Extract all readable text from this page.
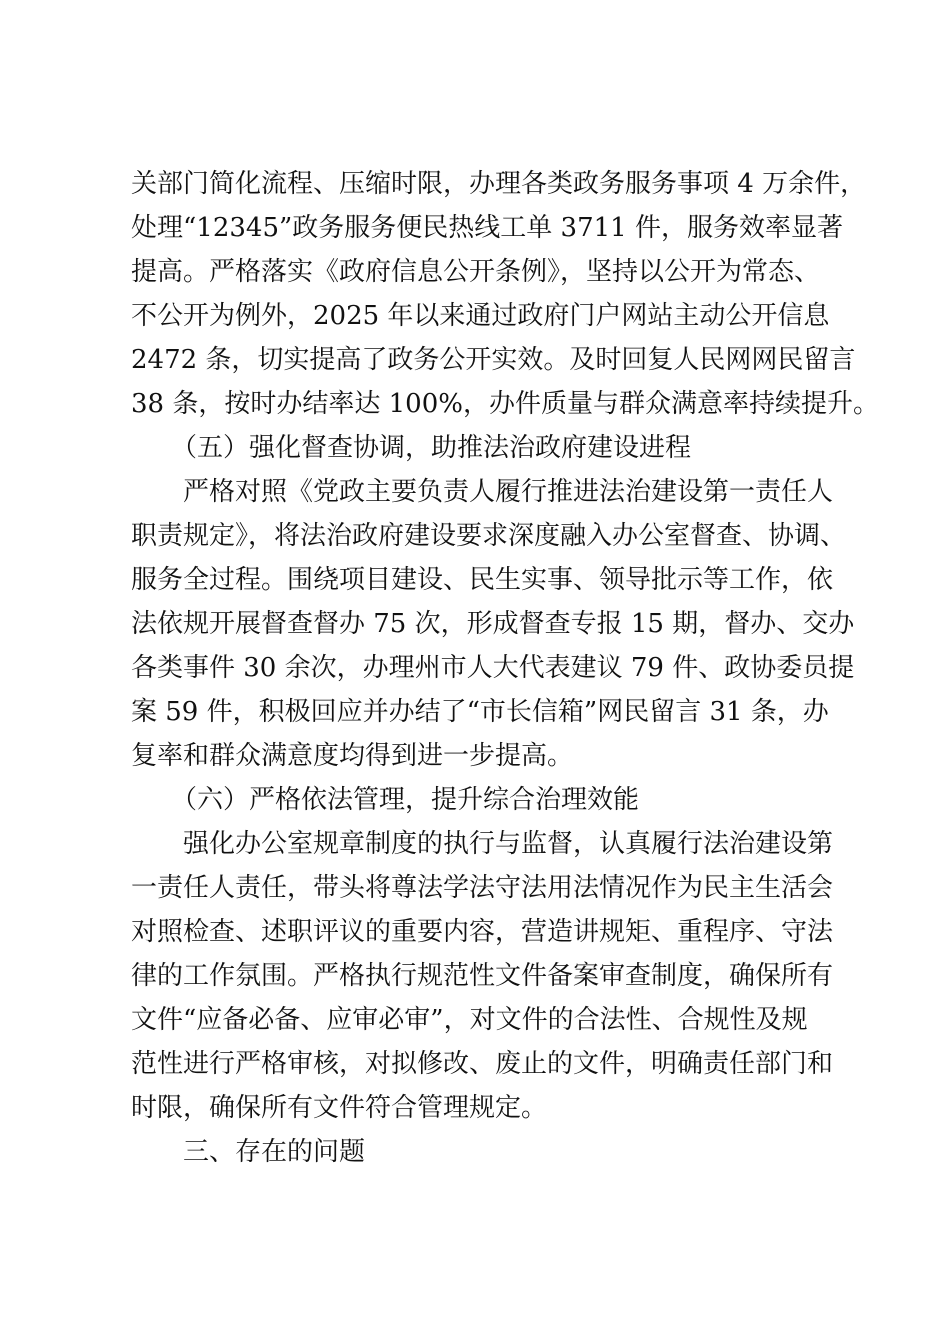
关部门简化流程、压缩时限，办理各类政务服务事项 4 万余件，
处理“12345”政务服务便民热线工单 3711 件，服务效率显著
提高。严格落实《政府信息公开条例》，坚持以公开为常态、
不公开为例外，2025 年以来通过政府门户网站主动公开信息
2472 条，切实提高了政务公开实效。及时回复人民网网民留言
38 条，按时办结率达 100%，办件质量与群众满意率持续提升。
（五）强化督查协调，助推法治政府建设进程
严格对照《党政主要负责人履行推进法治建设第一责任人
职责规定》，将法治政府建设要求深度融入办公室督查、协调、
服务全过程。围绕项目建设、民生实事、领导批示等工作，依
法依规开展督查督办 75 次，形成督查专报 15 期，督办、交办
各类事件 30 余次，办理州市人大代表建议 79 件、政协委员提
案 59 件，积极回应并办结了“市长信箱”网民留言 31 条，办
复率和群众满意度均得到进一步提高。
（六）严格依法管理，提升综合治理效能
强化办公室规章制度的执行与监督，认真履行法治建设第
一责任人责任，带头将尊法学法守法用法情况作为民主生活会
对照检查、述职评议的重要内容，营造讲规矩、重程序、守法
律的工作氛围。严格执行规范性文件备案审查制度，确保所有
文件“应备必备、应审必审”，对文件的合法性、合规性及规
范性进行严格审核，对拟修改、废止的文件，明确责任部门和
时限，确保所有文件符合管理规定。
三、存在的问题
